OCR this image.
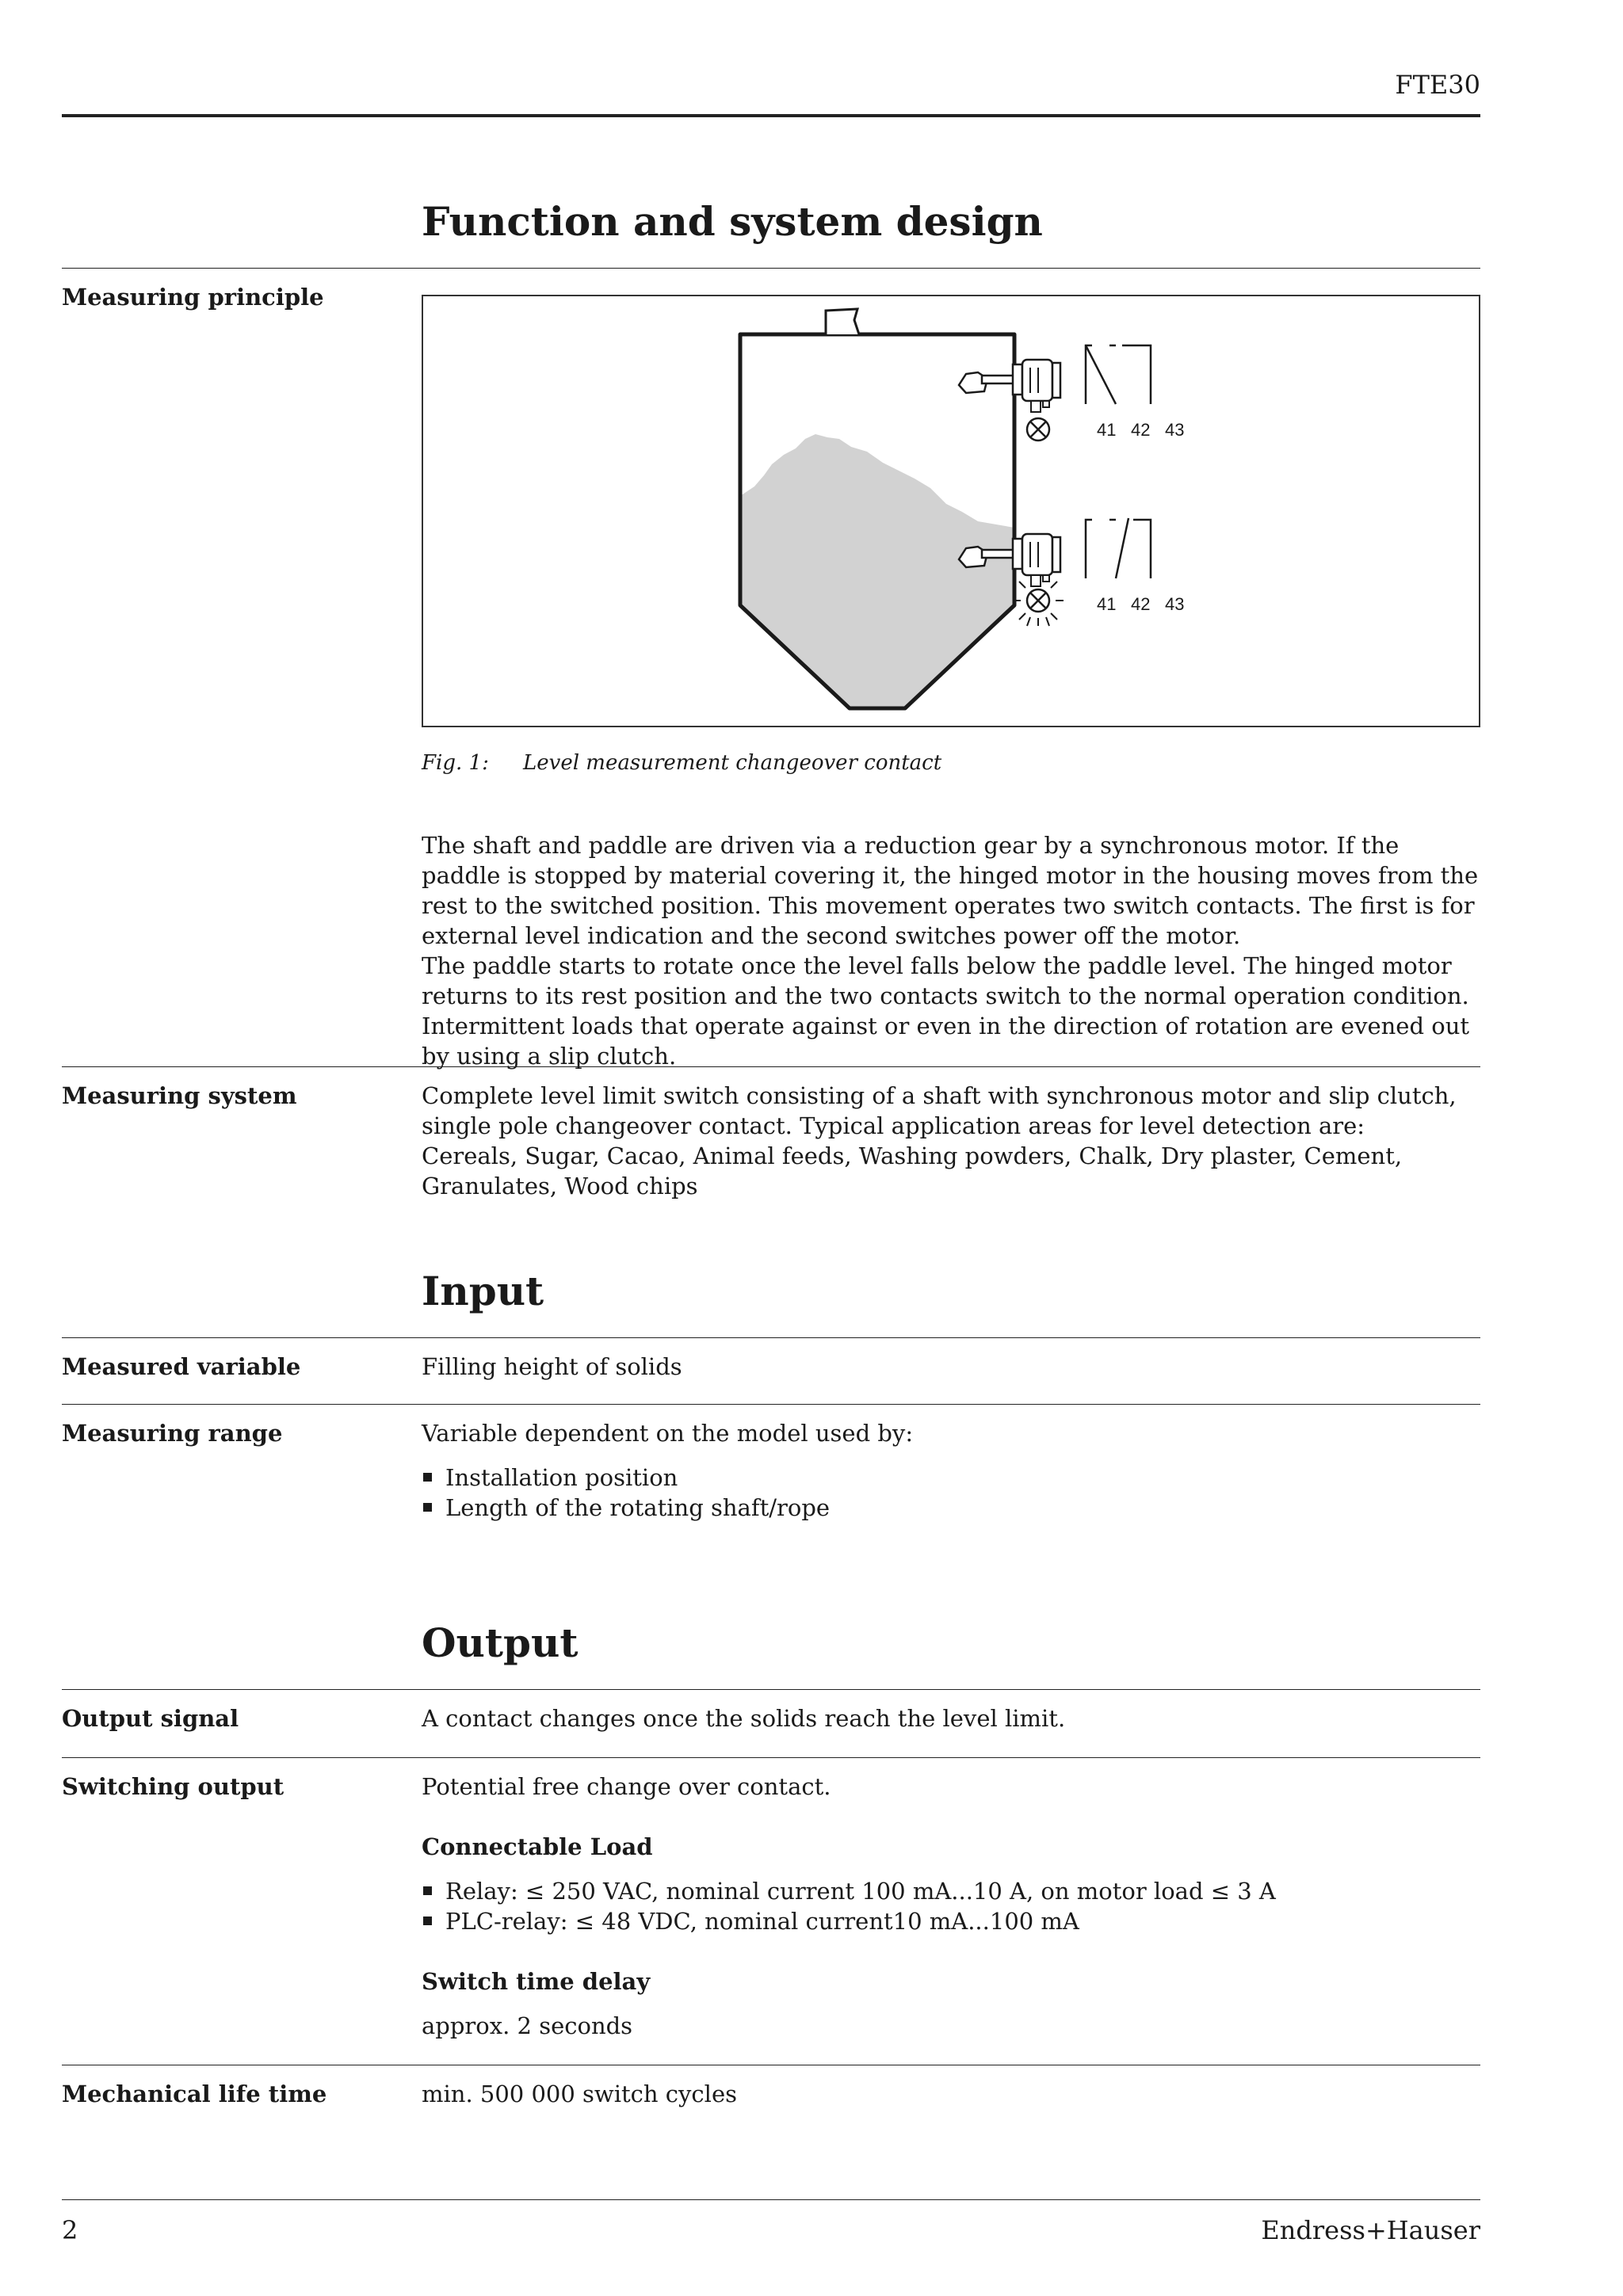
FTE30
Function and system design
Measuring principle
41 42 43
41 42 43
Fig. 1: Level measurement changeover contact

The shaft and paddle are driven via a reduction gear by a synchronous motor. If the paddle is stopped by material covering it, the hinged motor in the housing moves from the rest to the switched position. This movement operates two switch contacts. The first is for external level indication and the second switches power off the motor.

The paddle starts to rotate once the level falls below the paddle level. The hinged motor returns to its rest position and the two contacts switch to the normal operation condition. Intermittent loads that operate against or even in the direction of rotation are evened out by using a slip clutch.

Measuring system	Complete level limit switch consisting of a shaft with synchronous motor and slip clutch, single pole changeover contact. Typical application areas for level detection are:

Cereals, Sugar, Cacao, Animal feeds, Washing powders, Chalk, Dry plaster, Cement, Granulates, Wood chips

Input
Measured variable	Filling height of solids
Measuring range	Variable dependent on the model used by:
Installation position
Length of the rotating shaft/rope
Output
Output signal	A contact changes once the solids reach the level limit.
Switching output	Potential free change over contact.
Connectable Load
Relay: ≤ 250 VAC, nominal current 100 mA...10 A, on motor load ≤ 3 A
PLC-relay: ≤ 48 VDC, nominal current10 mA...100 mA
Switch time delay
approx. 2 seconds
Mechanical life time	min. 500 000 switch cycles
2	Endress+Hauser
